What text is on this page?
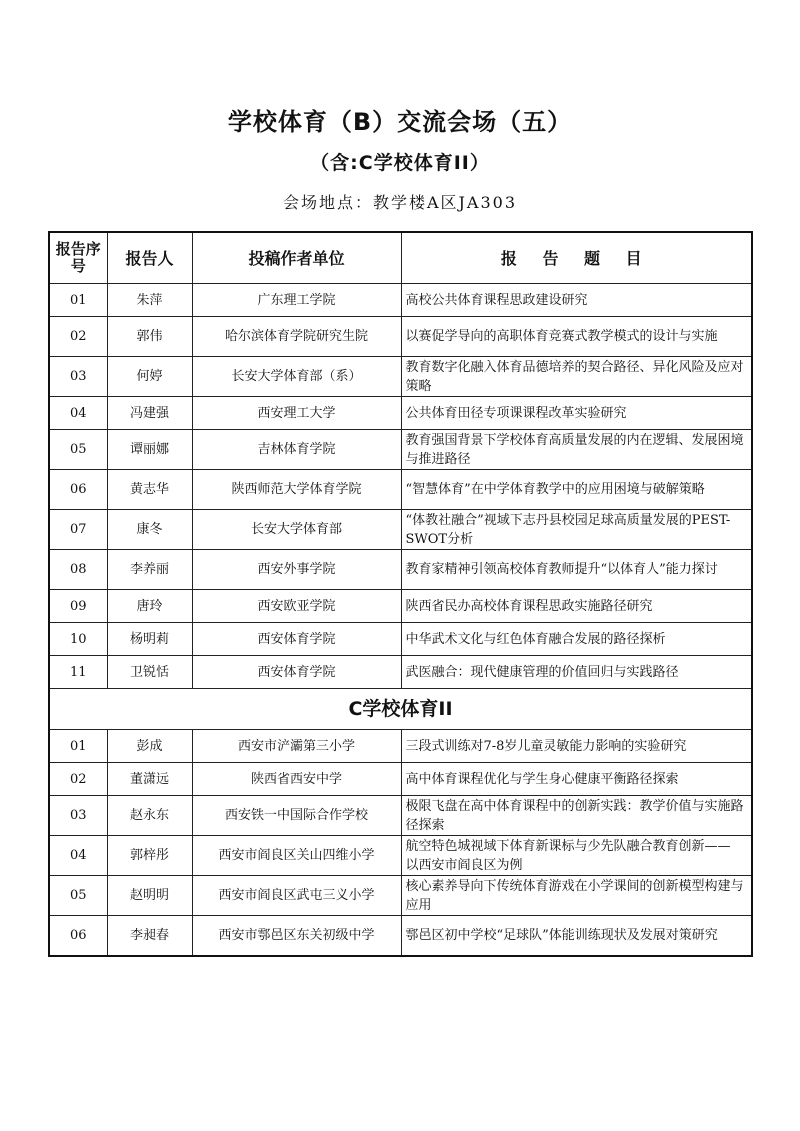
学校体育（B）交流会场（五）
（含:C学校体育II）
会场地点：教学楼A区JA303
报告序号	报告人	投稿作者单位	报 告 题 目
01	朱萍	广东理工学院	高校公共体育课程思政建设研究
02	郭伟	哈尔滨体育学院研究生院	以赛促学导向的高职体育竞赛式教学模式的设计与实施
03	何婷	长安大学体育部（系）	教育数字化融入体育品德培养的契合路径、异化风险及应对策略
04	冯建强	西安理工大学	公共体育田径专项课课程改革实验研究
05	谭丽娜	吉林体育学院	教育强国背景下学校体育高质量发展的内在逻辑、发展困境与推进路径
06	黄志华	陕西师范大学体育学院	“智慧体育”在中学体育教学中的应用困境与破解策略
07	康冬	长安大学体育部	“体教社融合”视域下志丹县校园足球高质量发展的PEST-SWOT分析
08	李养丽	西安外事学院	教育家精神引领高校体育教师提升“以体育人”能力探讨
09	唐玲	西安欧亚学院	陕西省民办高校体育课程思政实施路径研究
10	杨明莉	西安体育学院	中华武术文化与红色体育融合发展的路径探析
11	卫锐恬	西安体育学院	武医融合：现代健康管理的价值回归与实践路径
C学校体育II			
01	彭成	西安市浐灞第三小学	三段式训练对7-8岁儿童灵敏能力影响的实验研究
02	董潇远	陕西省西安中学	高中体育课程优化与学生身心健康平衡路径探索
03	赵永东	西安铁一中国际合作学校	极限飞盘在高中体育课程中的创新实践：教学价值与实施路径探索
04	郭梓彤	西安市阎良区关山四维小学	航空特色城视域下体育新课标与少先队融合教育创新—— 以西安市阎良区为例
05	赵明明	西安市阎良区武屯三义小学	核心素养导向下传统体育游戏在小学课间的创新模型构建与应用
06	李昶春	西安市鄠邑区东关初级中学	鄠邑区初中学校“足球队”体能训练现状及发展对策研究
